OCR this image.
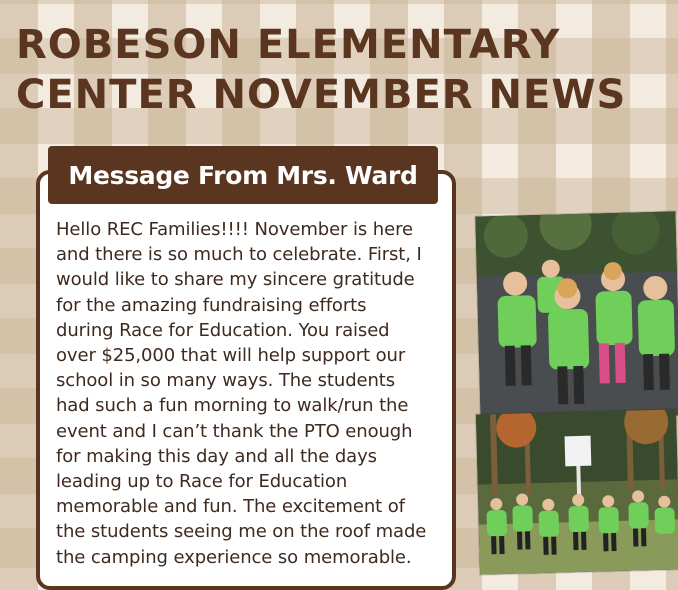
ROBESON ELEMENTARY
CENTER NOVEMBER NEWS
Message From Mrs. Ward

Hello REC Families!!!! November is here
and there is so much to celebrate. First, I
would like to share my sincere gratitude
for the amazing fundraising efforts
during Race for Education. You raised
over $25,000 that will help support our
school in so many ways. The students
had such a fun morning to walk/run the
event and I can’t thank the PTO enough
for making this day and all the days
leading up to Race for Education
memorable and fun. The excitement of
the students seeing me on the roof made
the camping experience so memorable.
